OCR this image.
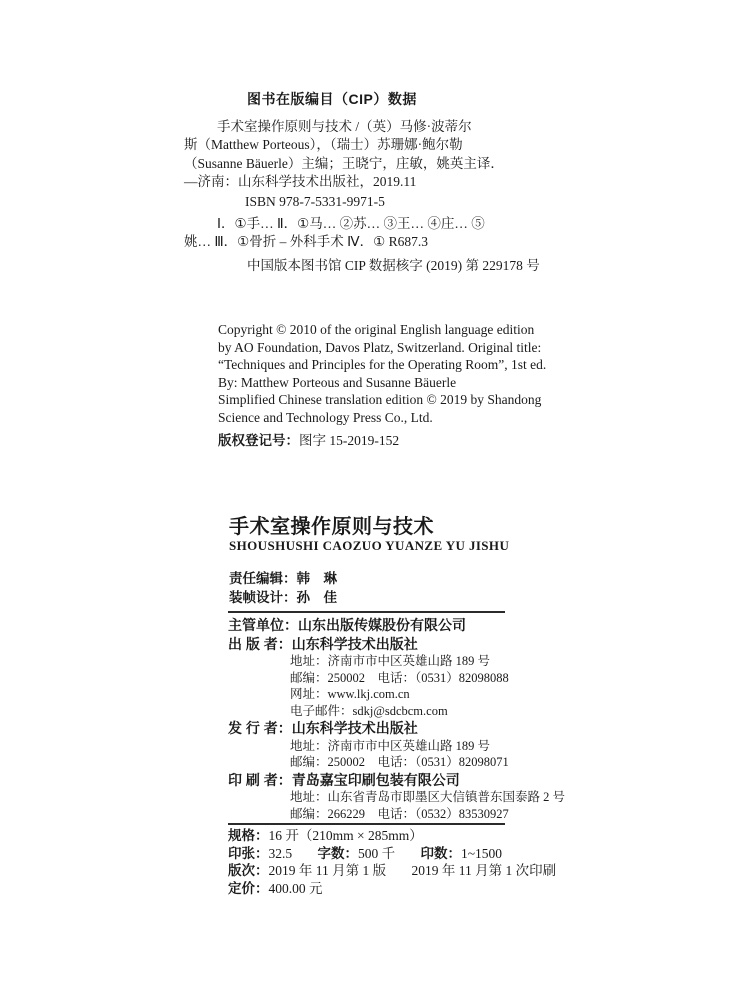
图书在版编目（CIP）数据
手术室操作原则与技术 /（英）马修·波蒂尔
斯（Matthew Porteous），（瑞士）苏珊娜·鲍尔勒
（Susanne Bäuerle）主编；王晓宁，庄敏，姚英主译．
—济南：山东科学技术出版社，2019.11
ISBN 978-7-5331-9971-5
Ⅰ．①手… Ⅱ．①马… ②苏… ③王… ④庄… ⑤
姚… Ⅲ．①骨折 – 外科手术 Ⅳ．① R687.3
中国版本图书馆 CIP 数据核字 (2019) 第 229178 号
Copyright © 2010 of the original English language edition
by AO Foundation, Davos Platz, Switzerland. Original title:
“Techniques and Principles for the Operating Room”, 1st ed.
By: Matthew Porteous and Susanne Bäuerle
Simplified Chinese translation edition © 2019 by Shandong
Science and Technology Press Co., Ltd.
版权登记号：图字 15-2019-152
手术室操作原则与技术
SHOUSHUSHI CAOZUO YUANZE YU JISHU
责任编辑：韩　琳
装帧设计：孙　佳
主管单位：山东出版传媒股份有限公司
出 版 者：山东科学技术出版社
地址：济南市市中区英雄山路 189 号
邮编：250002　电话：（0531）82098088
网址：www.lkj.com.cn
电子邮件：sdkj@sdcbcm.com
发 行 者：山东科学技术出版社
地址：济南市市中区英雄山路 189 号
邮编：250002　电话：（0531）82098071
印 刷 者：青岛嘉宝印刷包装有限公司
地址：山东省青岛市即墨区大信镇普东国泰路 2 号
邮编：266229　电话：（0532）83530927
规格：16 开（210mm × 285mm）
印张：32.5 字数：500 千 印数：1~1500
版次：2019 年 11 月第 1 版 2019 年 11 月第 1 次印刷
定价：400.00 元
